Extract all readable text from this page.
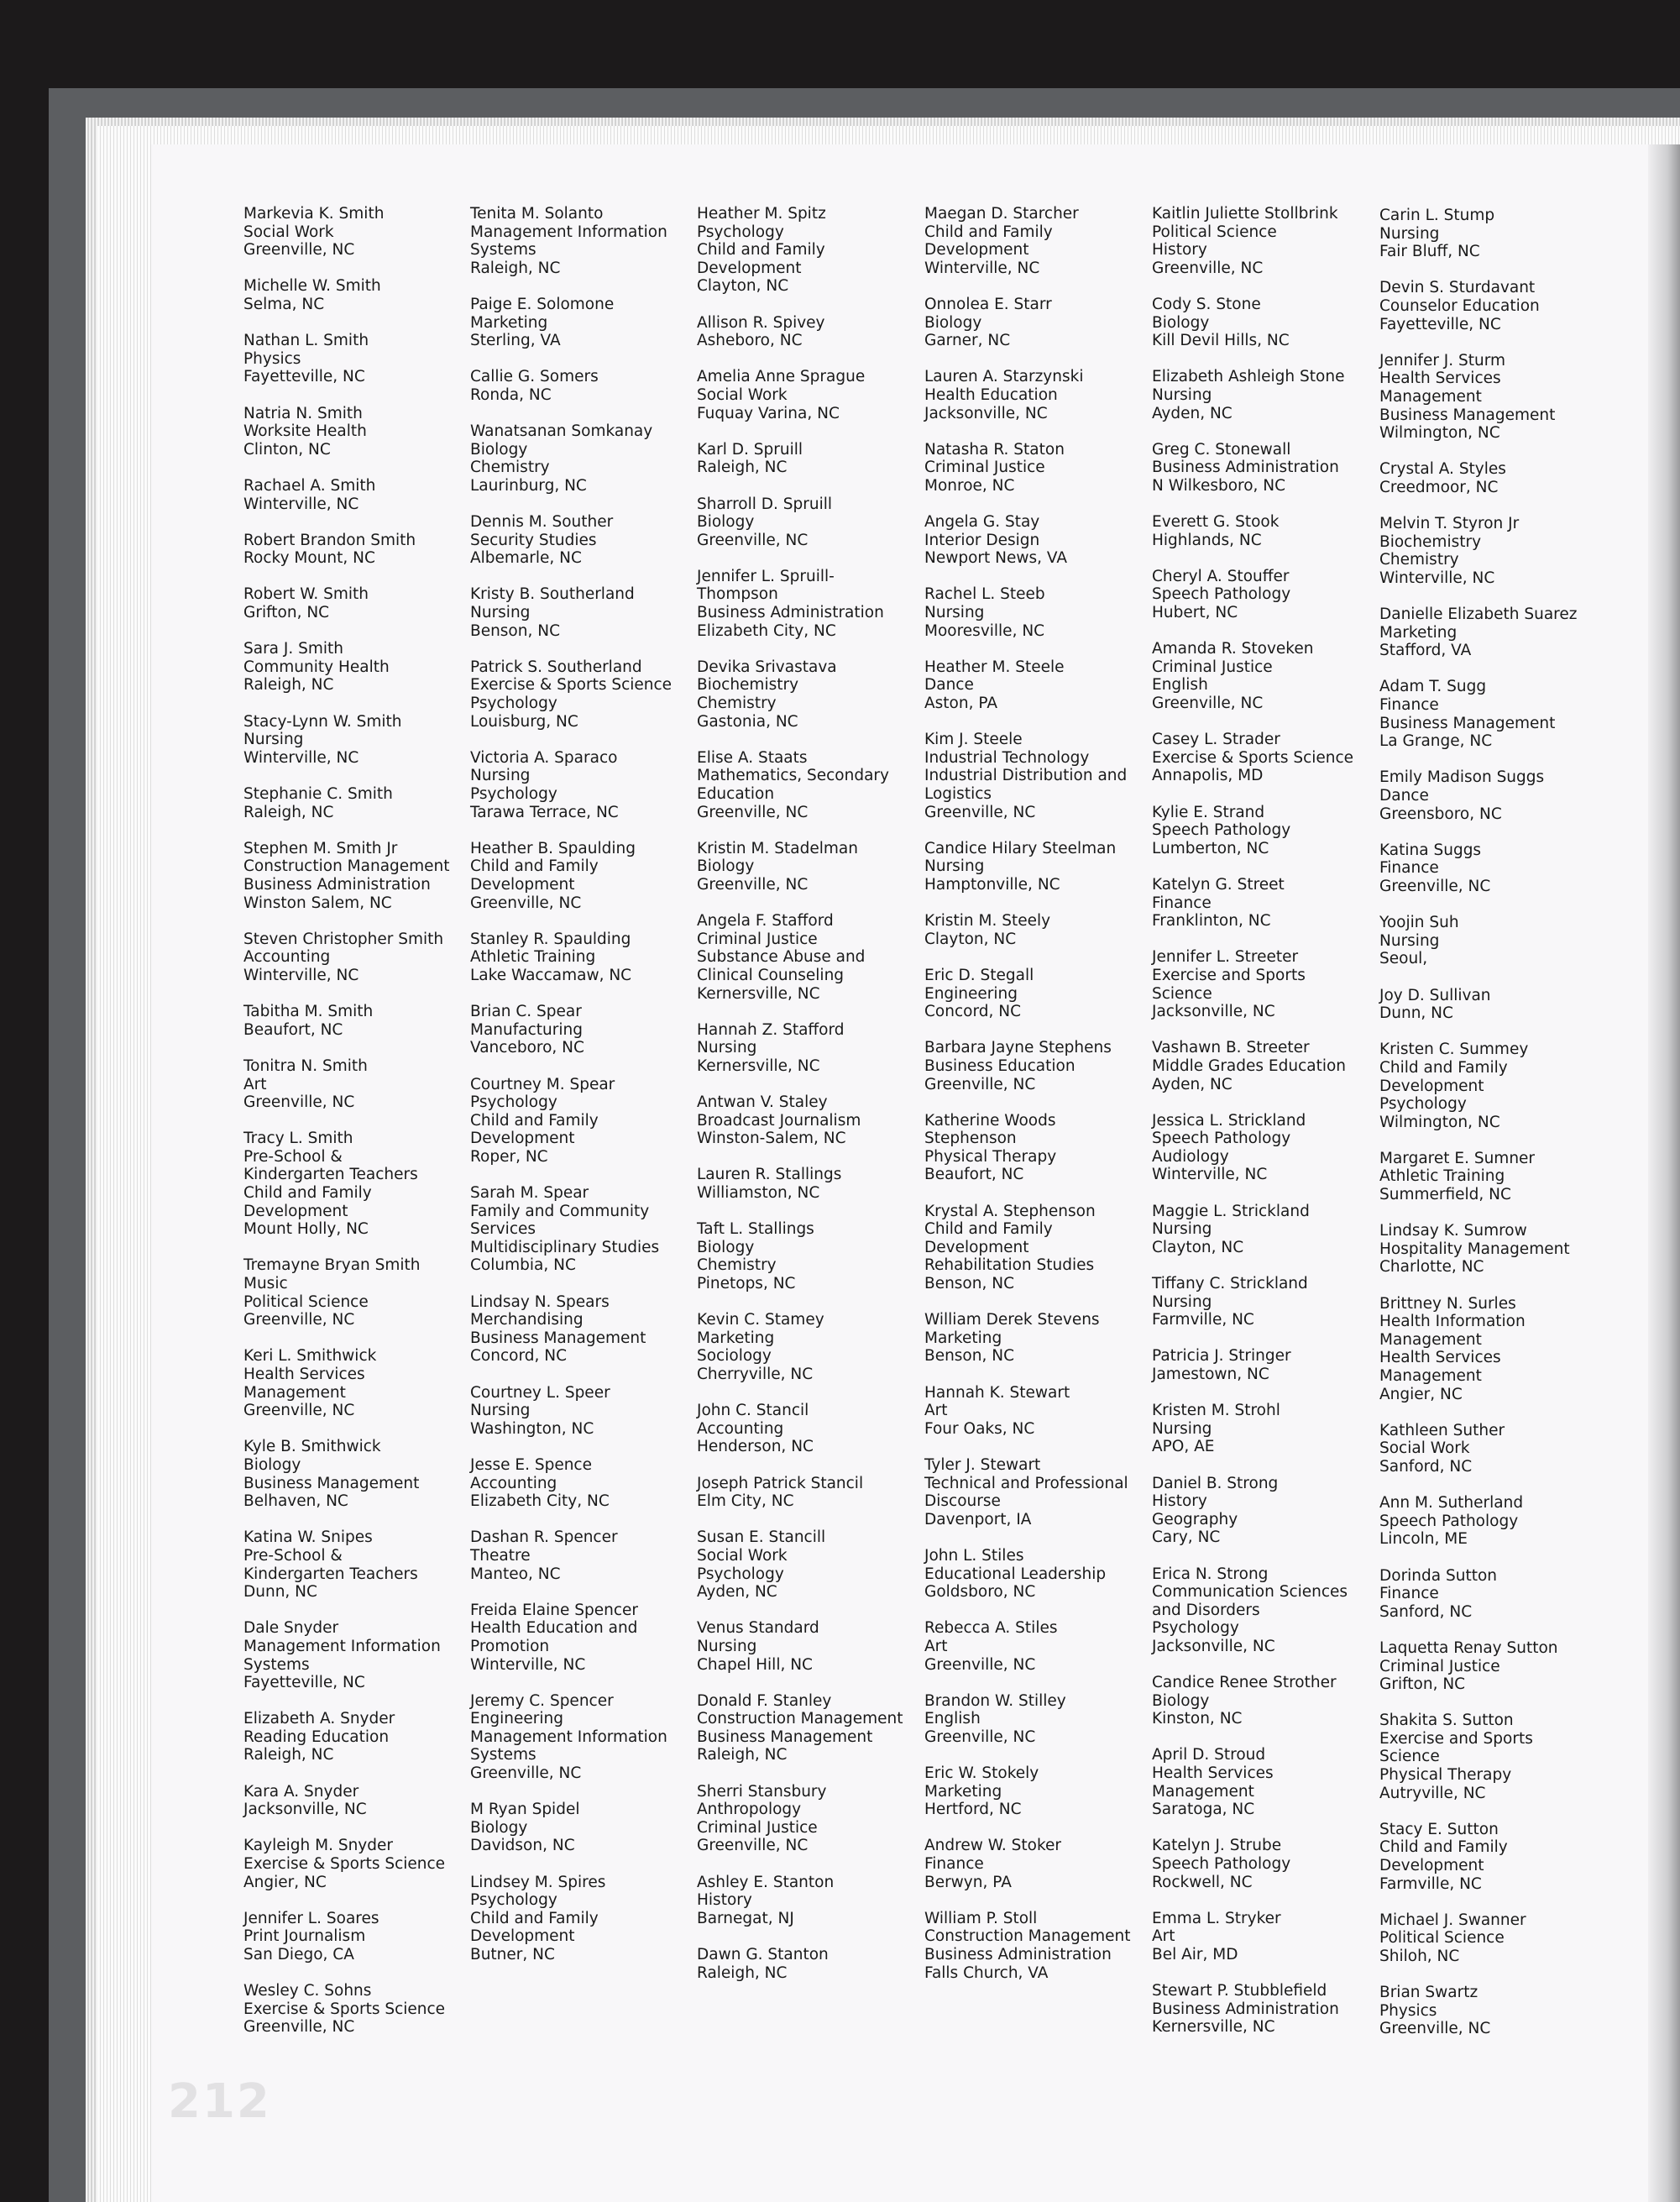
Markevia K. Smith
Social Work
Greenville, NC
Michelle W. Smith
Selma, NC
Nathan L. Smith
Physics
Fayetteville, NC
Natria N. Smith
Worksite Health
Clinton, NC
Rachael A. Smith
Winterville, NC
Robert Brandon Smith
Rocky Mount, NC
Robert W. Smith
Grifton, NC
Sara J. Smith
Community Health
Raleigh, NC
Stacy-Lynn W. Smith
Nursing
Winterville, NC
Stephanie C. Smith
Raleigh, NC
Stephen M. Smith Jr
Construction Management
Business Administration
Winston Salem, NC
Steven Christopher Smith
Accounting
Winterville, NC
Tabitha M. Smith
Beaufort, NC
Tonitra N. Smith
Art
Greenville, NC
Tracy L. Smith
Pre-School &
Kindergarten Teachers
Child and Family
Development
Mount Holly, NC
Tremayne Bryan Smith
Music
Political Science
Greenville, NC
Keri L. Smithwick
Health Services
Management
Greenville, NC
Kyle B. Smithwick
Biology
Business Management
Belhaven, NC
Katina W. Snipes
Pre-School &
Kindergarten Teachers
Dunn, NC
Dale Snyder
Management Information
Systems
Fayetteville, NC
Elizabeth A. Snyder
Reading Education
Raleigh, NC
Kara A. Snyder
Jacksonville, NC
Kayleigh M. Snyder
Exercise & Sports Science
Angier, NC
Jennifer L. Soares
Print Journalism
San Diego, CA
Wesley C. Sohns
Exercise & Sports Science
Greenville, NC
Tenita M. Solanto
Management Information
Systems
Raleigh, NC
Paige E. Solomone
Marketing
Sterling, VA
Callie G. Somers
Ronda, NC
Wanatsanan Somkanay
Biology
Chemistry
Laurinburg, NC
Dennis M. Souther
Security Studies
Albemarle, NC
Kristy B. Southerland
Nursing
Benson, NC
Patrick S. Southerland
Exercise & Sports Science
Psychology
Louisburg, NC
Victoria A. Sparaco
Nursing
Psychology
Tarawa Terrace, NC
Heather B. Spaulding
Child and Family
Development
Greenville, NC
Stanley R. Spaulding
Athletic Training
Lake Waccamaw, NC
Brian C. Spear
Manufacturing
Vanceboro, NC
Courtney M. Spear
Psychology
Child and Family
Development
Roper, NC
Sarah M. Spear
Family and Community
Services
Multidisciplinary Studies
Columbia, NC
Lindsay N. Spears
Merchandising
Business Management
Concord, NC
Courtney L. Speer
Nursing
Washington, NC
Jesse E. Spence
Accounting
Elizabeth City, NC
Dashan R. Spencer
Theatre
Manteo, NC
Freida Elaine Spencer
Health Education and
Promotion
Winterville, NC
Jeremy C. Spencer
Engineering
Management Information
Systems
Greenville, NC
M Ryan Spidel
Biology
Davidson, NC
Lindsey M. Spires
Psychology
Child and Family
Development
Butner, NC
Heather M. Spitz
Psychology
Child and Family
Development
Clayton, NC
Allison R. Spivey
Asheboro, NC
Amelia Anne Sprague
Social Work
Fuquay Varina, NC
Karl D. Spruill
Raleigh, NC
Sharroll D. Spruill
Biology
Greenville, NC
Jennifer L. Spruill-
Thompson
Business Administration
Elizabeth City, NC
Devika Srivastava
Biochemistry
Chemistry
Gastonia, NC
Elise A. Staats
Mathematics, Secondary
Education
Greenville, NC
Kristin M. Stadelman
Biology
Greenville, NC
Angela F. Stafford
Criminal Justice
Substance Abuse and
Clinical Counseling
Kernersville, NC
Hannah Z. Stafford
Nursing
Kernersville, NC
Antwan V. Staley
Broadcast Journalism
Winston-Salem, NC
Lauren R. Stallings
Williamston, NC
Taft L. Stallings
Biology
Chemistry
Pinetops, NC
Kevin C. Stamey
Marketing
Sociology
Cherryville, NC
John C. Stancil
Accounting
Henderson, NC
Joseph Patrick Stancil
Elm City, NC
Susan E. Stancill
Social Work
Psychology
Ayden, NC
Venus Standard
Nursing
Chapel Hill, NC
Donald F. Stanley
Construction Management
Business Management
Raleigh, NC
Sherri Stansbury
Anthropology
Criminal Justice
Greenville, NC
Ashley E. Stanton
History
Barnegat, NJ
Dawn G. Stanton
Raleigh, NC
Maegan D. Starcher
Child and Family
Development
Winterville, NC
Onnolea E. Starr
Biology
Garner, NC
Lauren A. Starzynski
Health Education
Jacksonville, NC
Natasha R. Staton
Criminal Justice
Monroe, NC
Angela G. Stay
Interior Design
Newport News, VA
Rachel L. Steeb
Nursing
Mooresville, NC
Heather M. Steele
Dance
Aston, PA
Kim J. Steele
Industrial Technology
Industrial Distribution and
Logistics
Greenville, NC
Candice Hilary Steelman
Nursing
Hamptonville, NC
Kristin M. Steely
Clayton, NC
Eric D. Stegall
Engineering
Concord, NC
Barbara Jayne Stephens
Business Education
Greenville, NC
Katherine Woods
Stephenson
Physical Therapy
Beaufort, NC
Krystal A. Stephenson
Child and Family
Development
Rehabilitation Studies
Benson, NC
William Derek Stevens
Marketing
Benson, NC
Hannah K. Stewart
Art
Four Oaks, NC
Tyler J. Stewart
Technical and Professional
Discourse
Davenport, IA
John L. Stiles
Educational Leadership
Goldsboro, NC
Rebecca A. Stiles
Art
Greenville, NC
Brandon W. Stilley
English
Greenville, NC
Eric W. Stokely
Marketing
Hertford, NC
Andrew W. Stoker
Finance
Berwyn, PA
William P. Stoll
Construction Management
Business Administration
Falls Church, VA
Kaitlin Juliette Stollbrink
Political Science
History
Greenville, NC
Cody S. Stone
Biology
Kill Devil Hills, NC
Elizabeth Ashleigh Stone
Nursing
Ayden, NC
Greg C. Stonewall
Business Administration
N Wilkesboro, NC
Everett G. Stook
Highlands, NC
Cheryl A. Stouffer
Speech Pathology
Hubert, NC
Amanda R. Stoveken
Criminal Justice
English
Greenville, NC
Casey L. Strader
Exercise & Sports Science
Annapolis, MD
Kylie E. Strand
Speech Pathology
Lumberton, NC
Katelyn G. Street
Finance
Franklinton, NC
Jennifer L. Streeter
Exercise and Sports
Science
Jacksonville, NC
Vashawn B. Streeter
Middle Grades Education
Ayden, NC
Jessica L. Strickland
Speech Pathology
Audiology
Winterville, NC
Maggie L. Strickland
Nursing
Clayton, NC
Tiffany C. Strickland
Nursing
Farmville, NC
Patricia J. Stringer
Jamestown, NC
Kristen M. Strohl
Nursing
APO, AE
Daniel B. Strong
History
Geography
Cary, NC
Erica N. Strong
Communication Sciences
and Disorders
Psychology
Jacksonville, NC
Candice Renee Strother
Biology
Kinston, NC
April D. Stroud
Health Services
Management
Saratoga, NC
Katelyn J. Strube
Speech Pathology
Rockwell, NC
Emma L. Stryker
Art
Bel Air, MD
Stewart P. Stubblefield
Business Administration
Kernersville, NC
Carin L. Stump
Nursing
Fair Bluff, NC
Devin S. Sturdavant
Counselor Education
Fayetteville, NC
Jennifer J. Sturm
Health Services
Management
Business Management
Wilmington, NC
Crystal A. Styles
Creedmoor, NC
Melvin T. Styron Jr
Biochemistry
Chemistry
Winterville, NC
Danielle Elizabeth Suarez
Marketing
Stafford, VA
Adam T. Sugg
Finance
Business Management
La Grange, NC
Emily Madison Suggs
Dance
Greensboro, NC
Katina Suggs
Finance
Greenville, NC
Yoojin Suh
Nursing
Seoul,
Joy D. Sullivan
Dunn, NC
Kristen C. Summey
Child and Family
Development
Psychology
Wilmington, NC
Margaret E. Sumner
Athletic Training
Summerfield, NC
Lindsay K. Sumrow
Hospitality Management
Charlotte, NC
Brittney N. Surles
Health Information
Management
Health Services
Management
Angier, NC
Kathleen Suther
Social Work
Sanford, NC
Ann M. Sutherland
Speech Pathology
Lincoln, ME
Dorinda Sutton
Finance
Sanford, NC
Laquetta Renay Sutton
Criminal Justice
Grifton, NC
Shakita S. Sutton
Exercise and Sports
Science
Physical Therapy
Autryville, NC
Stacy E. Sutton
Child and Family
Development
Farmville, NC
Michael J. Swanner
Political Science
Shiloh, NC
Brian Swartz
Physics
Greenville, NC
212
